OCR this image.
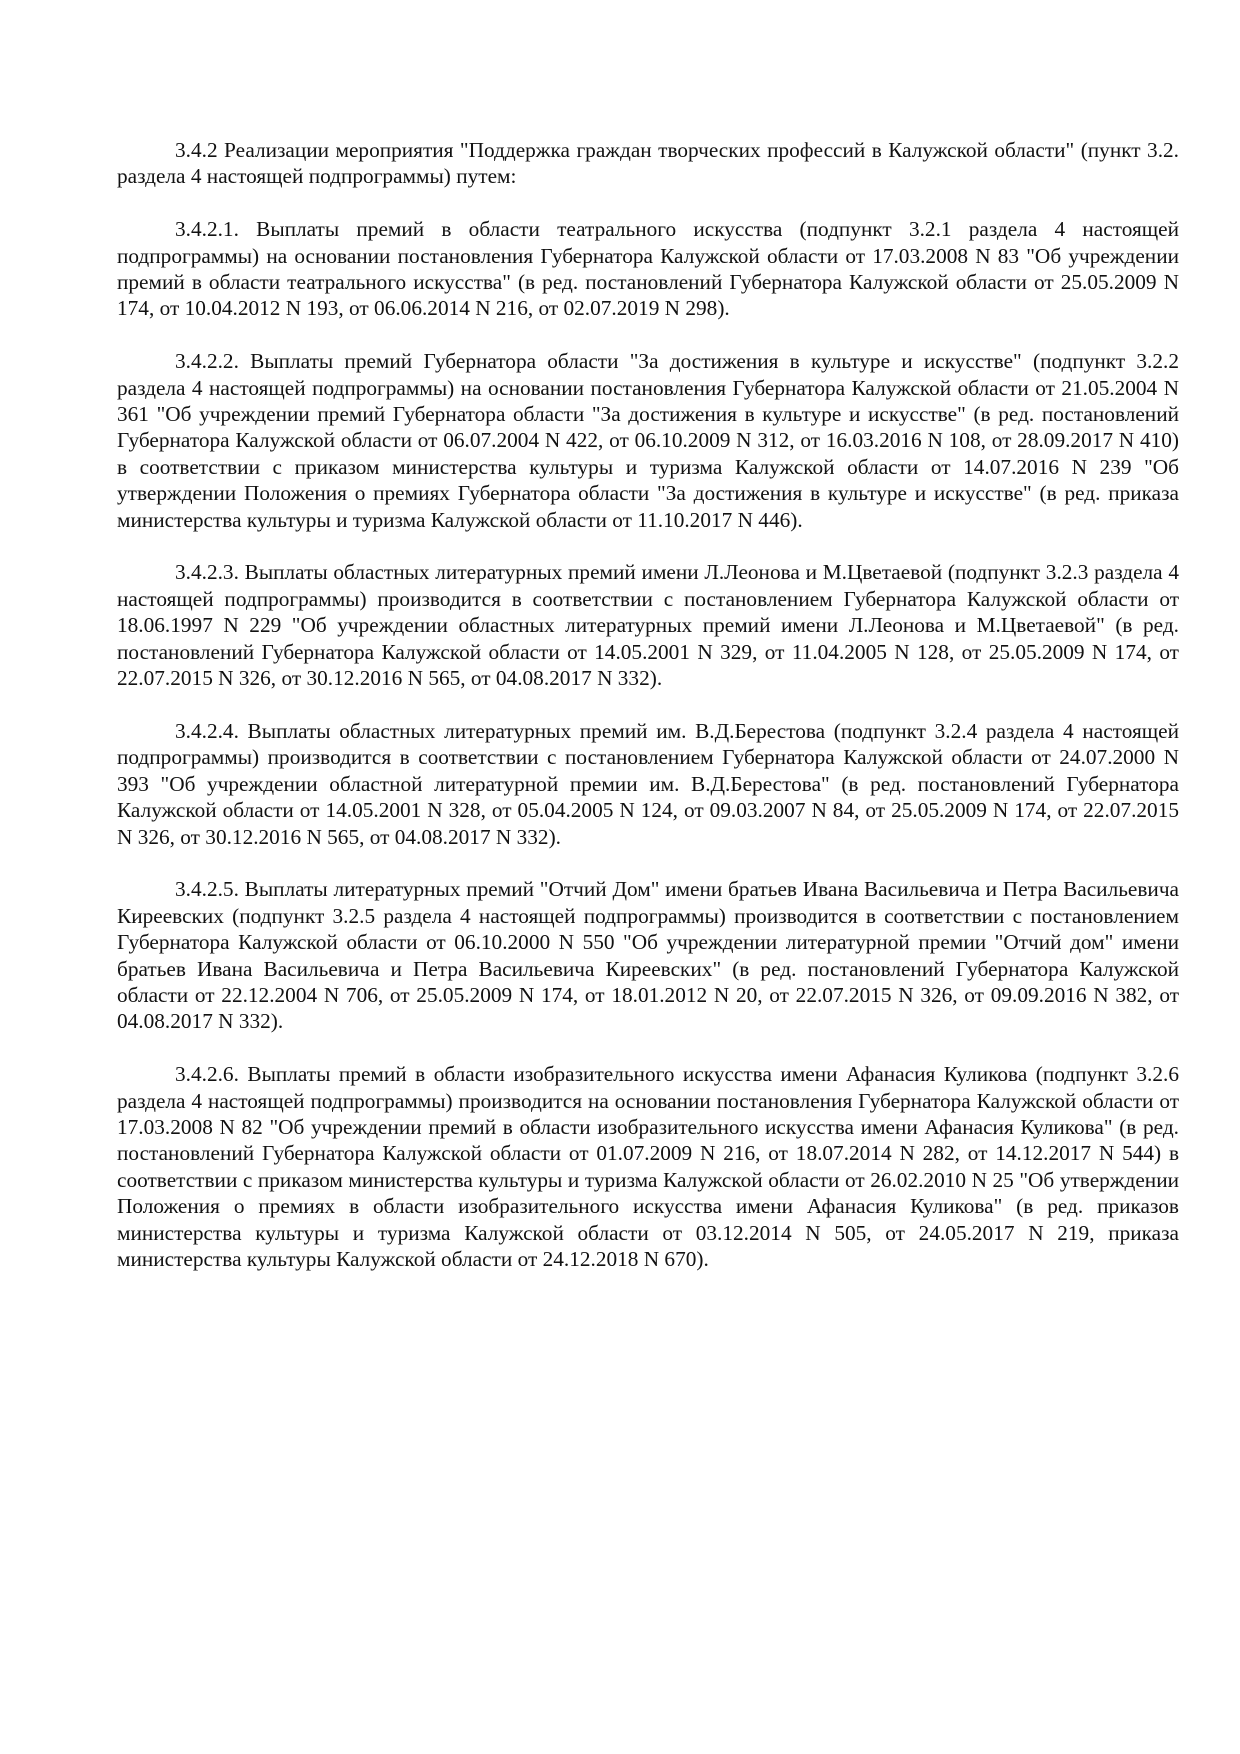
3.4.2 Реализации мероприятия "Поддержка граждан творческих профессий в Калужской области" (пункт 3.2. раздела 4 настоящей подпрограммы) путем:

3.4.2.1. Выплаты премий в области театрального искусства (подпункт 3.2.1 раздела 4 настоящей подпрограммы) на основании постановления Губернатора Калужской области от 17.03.2008 N 83 "Об учреждении премий в области театрального искусства" (в ред. постановлений Губернатора Калужской области от 25.05.2009 N 174, от 10.04.2012 N 193, от 06.06.2014 N 216, от 02.07.2019 N 298).

3.4.2.2. Выплаты премий Губернатора области "За достижения в культуре и искусстве" (подпункт 3.2.2 раздела 4 настоящей подпрограммы) на основании постановления Губернатора Калужской области от 21.05.2004 N 361 "Об учреждении премий Губернатора области "За достижения в культуре и искусстве" (в ред. постановлений Губернатора Калужской области от 06.07.2004 N 422, от 06.10.2009 N 312, от 16.03.2016 N 108, от 28.09.2017 N 410) в соответствии с приказом министерства культуры и туризма Калужской области от 14.07.2016 N 239 "Об утверждении Положения о премиях Губернатора области "За достижения в культуре и искусстве" (в ред. приказа министерства культуры и туризма Калужской области от 11.10.2017 N 446).

3.4.2.3. Выплаты областных литературных премий имени Л.Леонова и М.Цветаевой (подпункт 3.2.3 раздела 4 настоящей подпрограммы) производится в соответствии с постановлением Губернатора Калужской области от 18.06.1997 N 229 "Об учреждении областных литературных премий имени Л.Леонова и М.Цветаевой" (в ред. постановлений Губернатора Калужской области от 14.05.2001 N 329, от 11.04.2005 N 128, от 25.05.2009 N 174, от 22.07.2015 N 326, от 30.12.2016 N 565, от 04.08.2017 N 332).

3.4.2.4. Выплаты областных литературных премий им. В.Д.Берестова (подпункт 3.2.4 раздела 4 настоящей подпрограммы) производится в соответствии с постановлением Губернатора Калужской области от 24.07.2000 N 393 "Об учреждении областной литературной премии им. В.Д.Берестова" (в ред. постановлений Губернатора Калужской области от 14.05.2001 N 328, от 05.04.2005 N 124, от 09.03.2007 N 84, от 25.05.2009 N 174, от 22.07.2015 N 326, от 30.12.2016 N 565, от 04.08.2017 N 332).

3.4.2.5. Выплаты литературных премий "Отчий Дом" имени братьев Ивана Васильевича и Петра Васильевича Киреевских (подпункт 3.2.5 раздела 4 настоящей подпрограммы) производится в соответствии с постановлением Губернатора Калужской области от 06.10.2000 N 550 "Об учреждении литературной премии "Отчий дом" имени братьев Ивана Васильевича и Петра Васильевича Киреевских" (в ред. постановлений Губернатора Калужской области от 22.12.2004 N 706, от 25.05.2009 N 174, от 18.01.2012 N 20, от 22.07.2015 N 326, от 09.09.2016 N 382, от 04.08.2017 N 332).

3.4.2.6. Выплаты премий в области изобразительного искусства имени Афанасия Куликова (подпункт 3.2.6 раздела 4 настоящей подпрограммы) производится на основании постановления Губернатора Калужской области от 17.03.2008 N 82 "Об учреждении премий в области изобразительного искусства имени Афанасия Куликова" (в ред. постановлений Губернатора Калужской области от 01.07.2009 N 216, от 18.07.2014 N 282, от 14.12.2017 N 544) в соответствии с приказом министерства культуры и туризма Калужской области от 26.02.2010 N 25 "Об утверждении Положения о премиях в области изобразительного искусства имени Афанасия Куликова" (в ред. приказов министерства культуры и туризма Калужской области от 03.12.2014 N 505, от 24.05.2017 N 219, приказа министерства культуры Калужской области от 24.12.2018 N 670).
